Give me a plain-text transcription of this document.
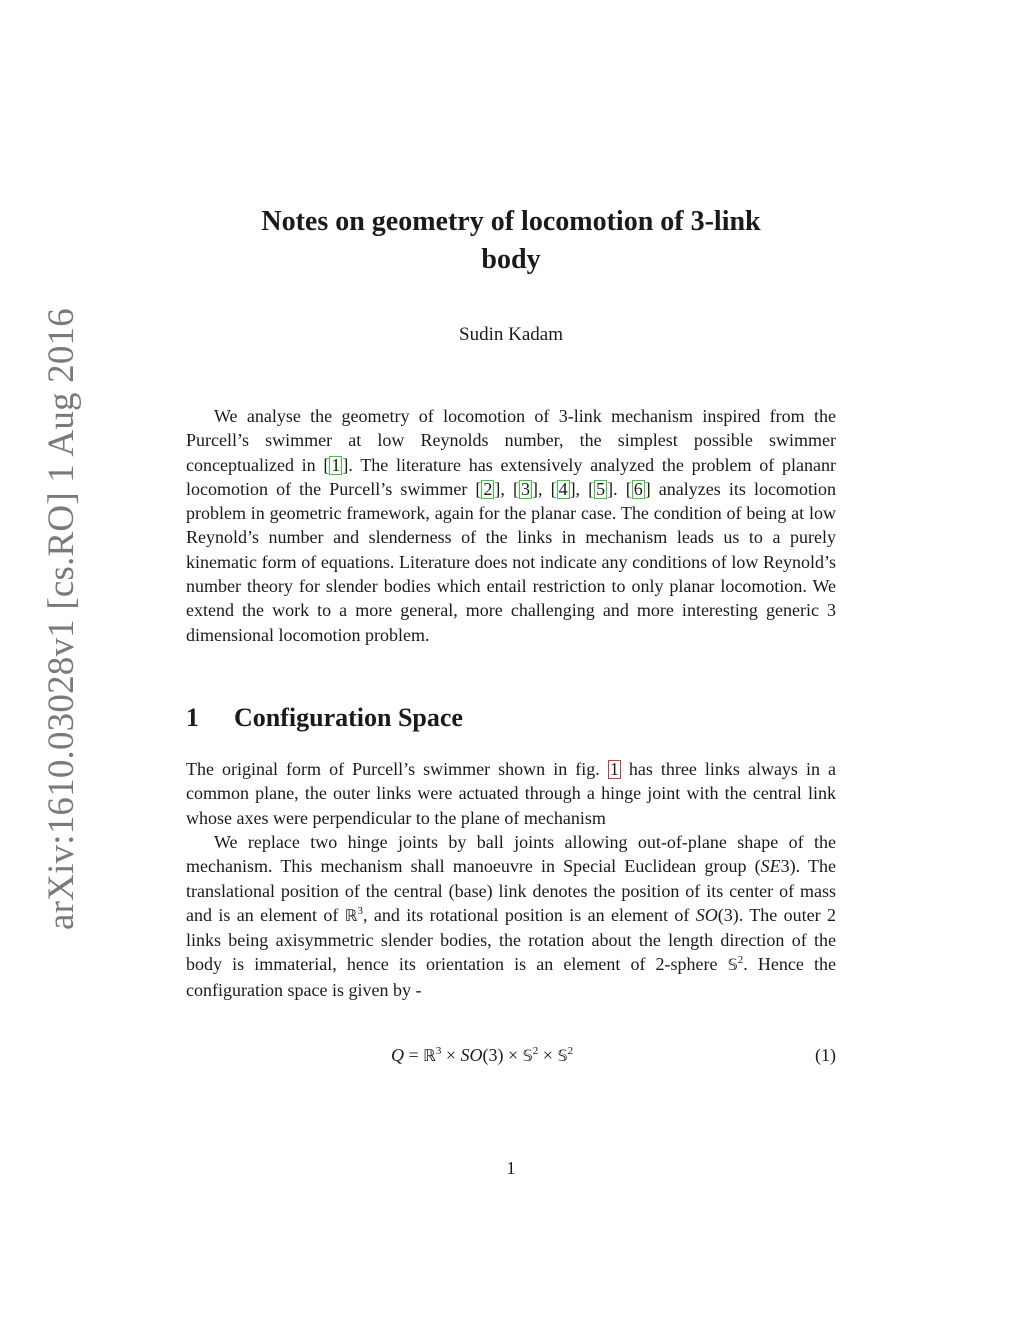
arXiv:1610.03028v1 [cs.RO] 1 Aug 2016
Notes on geometry of locomotion of 3-link
body
Sudin Kadam

We analyse the geometry of locomotion of 3-link mechanism inspired from the Purcell’s swimmer at low Reynolds number, the simplest possible swimmer conceptualized in [ 1 ]. The literature has extensively analyzed the problem of plananr locomotion of the Purcell’s swimmer [ 2 ], [ 3 ], [ 4 ], [ 5 ]. [ 6 ] analyzes its locomotion problem in geometric framework, again for the planar case. The condition of being at low Reynold’s number and slenderness of the links in mechanism leads us to a purely kinematic form of equations. Literature does not indicate any conditions of low Reynold’s number theory for slender bodies which entail restriction to only planar locomotion. We extend the work to a more general, more challenging and more interesting generic 3 dimensional locomotion problem.

1 Configuration Space

The original form of Purcell’s swimmer shown in fig. 1 has three links always in a common plane, the outer links were actuated through a hinge joint with the central link whose axes were perpendicular to the plane of mechanism

We replace two hinge joints by ball joints allowing out-of-plane shape of the mechanism. This mechanism shall manoeuvre in Special Euclidean group (SE3). The translational position of the central (base) link denotes the position of its center of mass and is an element of ℝ$^3$, and its rotational position is an element of SO(3). The outer 2 links being axisymmetric slender bodies, the rotation about the length direction of the body is immaterial, hence its orientation is an element of 2-sphere 𝕊$^2$. Hence the configuration space is given by -

Q = ℝ$^3$ × SO(3) × 𝕊$^2$ × 𝕊$^2$	(1)
1
